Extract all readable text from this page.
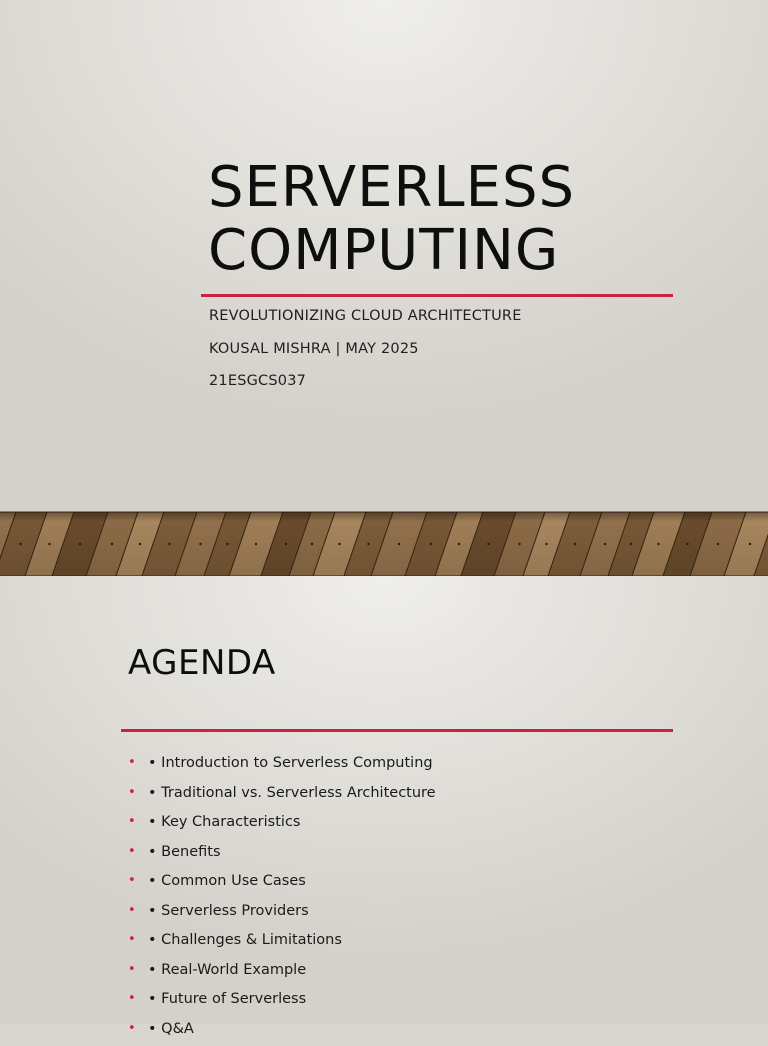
SERVERLESS
COMPUTING

REVOLUTIONIZING CLOUD ARCHITECTURE

KOUSAL MISHRA | MAY 2025

21ESGCS037

AGENDA
• • Introduction to Serverless Computing
• • Traditional vs. Serverless Architecture
• • Key Characteristics
• • Benefits
• • Common Use Cases
• • Serverless Providers
• • Challenges & Limitations
• • Real-World Example
• • Future of Serverless
• • Q&A
